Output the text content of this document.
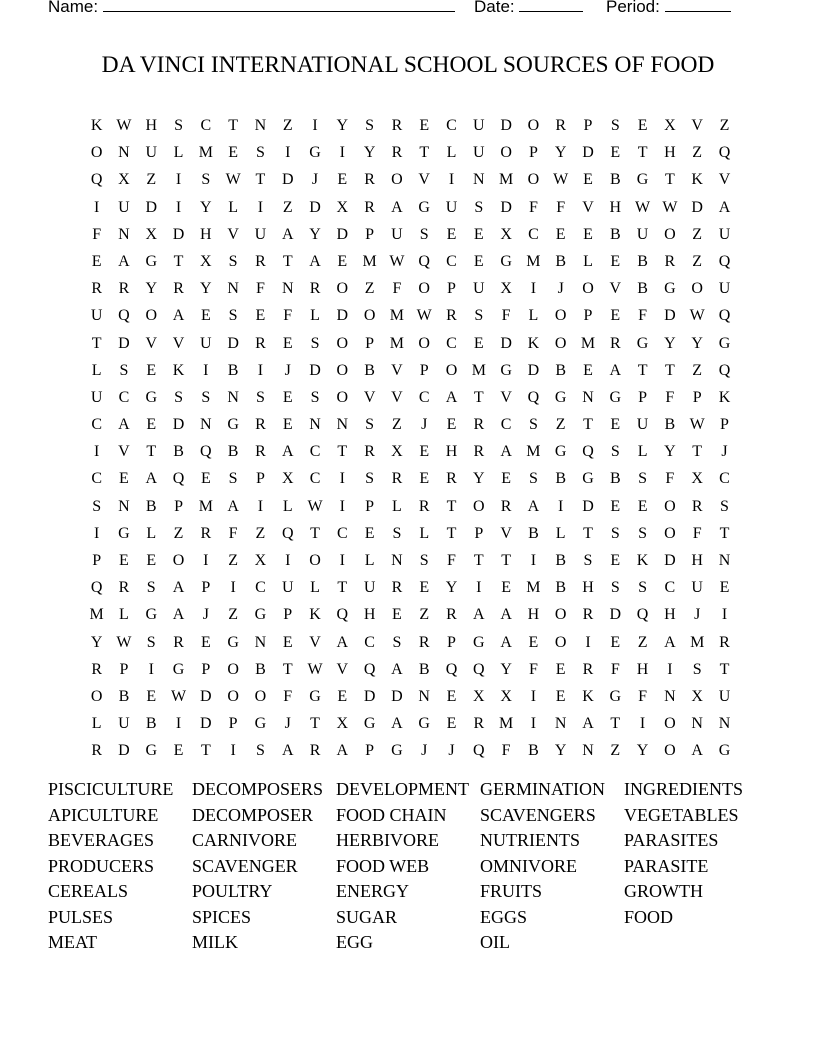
Name:	Date:	Period:
DA VINCI INTERNATIONAL SCHOOL SOURCES OF FOOD
K W H	S	C	T	N	Z	I	Y	S	R	E	C	U D O	R	P	S	E	X V	Z
O N U	L M E	S	I	G	I	Y	R	T	L	U O	P	Y D	E	T	H	Z	Q
Q X	Z	I	S W T	D	J	E	R	O V	I	N M O W E	B	G	T	K V
I	U D	I	Y	L	I	Z	D X	R	A G U	S	D	F	F	V H W W D A
F	N X D H V U A Y D	P	U	S	E	E	X	C	E	E	B	U O	Z	U
E	A G	T	X	S	R	T	A	E M W Q	C	E	G M B	L	E	B	R	Z	Q
R	R	Y	R	Y N	F	N	R	O	Z	F	O	P	U X	I	J	O V	B	G O U
U Q O A	E	S	E	F	L	D O M W R	S	F	L	O	P	E	F	D W Q
T	D V V U D	R	E	S	O	P M O	C	E	D K O M R	G Y Y G
L	S	E	K	I	B	I	J	D O	B	V	P	O M G D	B	E	A	T	T	Z	Q
U	C	G	S	S	N	S	E	S	O V V	C	A	T	V Q G N G	P	F	P	K
C	A	E	D N G	R	E	N N	S	Z	J	E	R	C	S	Z	T	E	U	B W P
I	V	T	B	Q	B	R	A	C	T	R	X	E	H	R	A M G Q	S	L	Y	T	J
C	E	A Q	E	S	P	X	C	I	S	R	E	R	Y	E	S	B	G	B	S	F	X	C
S	N	B	P M A	I	L W	I	P	L	R	T	O	R	A	I	D	E	E	O	R	S
I	G	L	Z	R	F	Z	Q	T	C	E	S	L	T	P	V	B	L	T	S	S	O	F	T
P	E	E	O	I	Z	X	I	O	I	L	N	S	F	T	T	I	B	S	E	K D H N
Q	R	S	A	P	I	C	U	L	T	U	R	E	Y	I	E M B	H	S	S	C	U	E
M L	G A	J	Z	G	P	K Q H	E	Z	R	A A H O	R	D Q H	J	I
Y W S	R	E	G N	E	V A	C	S	R	P	G A	E	O	I	E	Z	A M R
R	P	I	G	P	O	B	T W V Q A	B	Q Q Y	F	E	R	F	H	I	S	T
O	B	E W D O O	F	G	E	D D N	E	X X	I	E	K G	F	N X U
L	U	B	I	D	P	G	J	T	X G A G	E	R M	I	N A	T	I	O N N
R	D G	E	T	I	S	A	R	A	P	G	J	J	Q	F	B	Y N	Z	Y O A G
PISCICULTURE	DECOMPOSERS DEVELOPMENT GERMINATION	INGREDIENTS
APICULTURE	DECOMPOSER	FOOD CHAIN	SCAVENGERS	VEGETABLES
BEVERAGES	CARNIVORE	HERBIVORE	NUTRIENTS	PARASITES
PRODUCERS	SCAVENGER	FOOD WEB	OMNIVORE	PARASITE
CEREALS	POULTRY	ENERGY	FRUITS	GROWTH
PULSES	SPICES	SUGAR	EGGS	FOOD
MEAT	MILK	EGG	OIL
